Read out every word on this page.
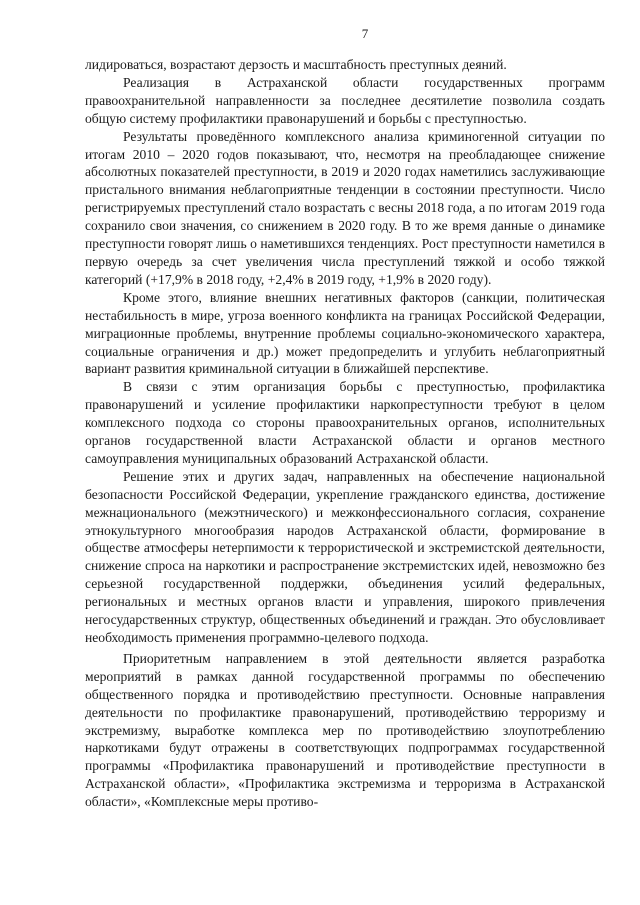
7

лидироваться, возрастают дерзость и масштабность преступных деяний.

Реализация в Астраханской области государственных программ правоохранительной направленности за последнее десятилетие позволила создать общую систему профилактики правонарушений и борьбы с преступностью.

Результаты проведённого комплексного анализа криминогенной ситуации по итогам 2010 – 2020 годов показывают, что, несмотря на преобладающее снижение абсолютных показателей преступности, в 2019 и 2020 годах наметились заслуживающие пристального внимания неблагоприятные тенденции в состоянии преступности. Число регистрируемых преступлений стало возрастать с весны 2018 года, а по итогам 2019 года сохранило свои значения, со снижением в 2020 году. В то же время данные о динамике преступности говорят лишь о наметившихся тенденциях. Рост преступности наметился в первую очередь за счет увеличения числа преступлений тяжкой и особо тяжкой категорий (+17,9% в 2018 году, +2,4% в 2019 году, +1,9% в 2020 году).

Кроме этого, влияние внешних негативных факторов (санкции, политическая нестабильность в мире, угроза военного конфликта на границах Российской Федерации, миграционные проблемы, внутренние проблемы социально-экономического характера, социальные ограничения и др.) может предопределить и углубить неблагоприятный вариант развития криминальной ситуации в ближайшей перспективе.

В связи с этим организация борьбы с преступностью, профилактика правонарушений и усиление профилактики наркопреступности требуют в целом комплексного подхода со стороны правоохранительных органов, исполнительных органов государственной власти Астраханской области и органов местного самоуправления муниципальных образований Астраханской области.

Решение этих и других задач, направленных на обеспечение национальной безопасности Российской Федерации, укрепление гражданского единства, достижение межнационального (межэтнического) и межконфессионального согласия, сохранение этнокультурного многообразия народов Астраханской области, формирование в обществе атмосферы нетерпимости к террористической и экстремистской деятельности, снижение спроса на наркотики и распространение экстремистских идей, невозможно без серьезной государственной поддержки, объединения усилий федеральных, региональных и местных органов власти и управления, широкого привлечения негосударственных структур, общественных объединений и граждан. Это обусловливает необходимость применения программно-целевого подхода.

Приоритетным направлением в этой деятельности является разработка мероприятий в рамках данной государственной программы по обеспечению общественного порядка и противодействию преступности. Основные направления деятельности по профилактике правонарушений, противодействию терроризму и экстремизму, выработке комплекса мер по противодействию злоупотреблению наркотиками будут отражены в соответствующих подпрограммах государственной программы «Профилактика правонарушений и противодействие преступности в Астраханской области», «Профилактика экстремизма и терроризма в Астраханской области», «Комплексные меры противо-
